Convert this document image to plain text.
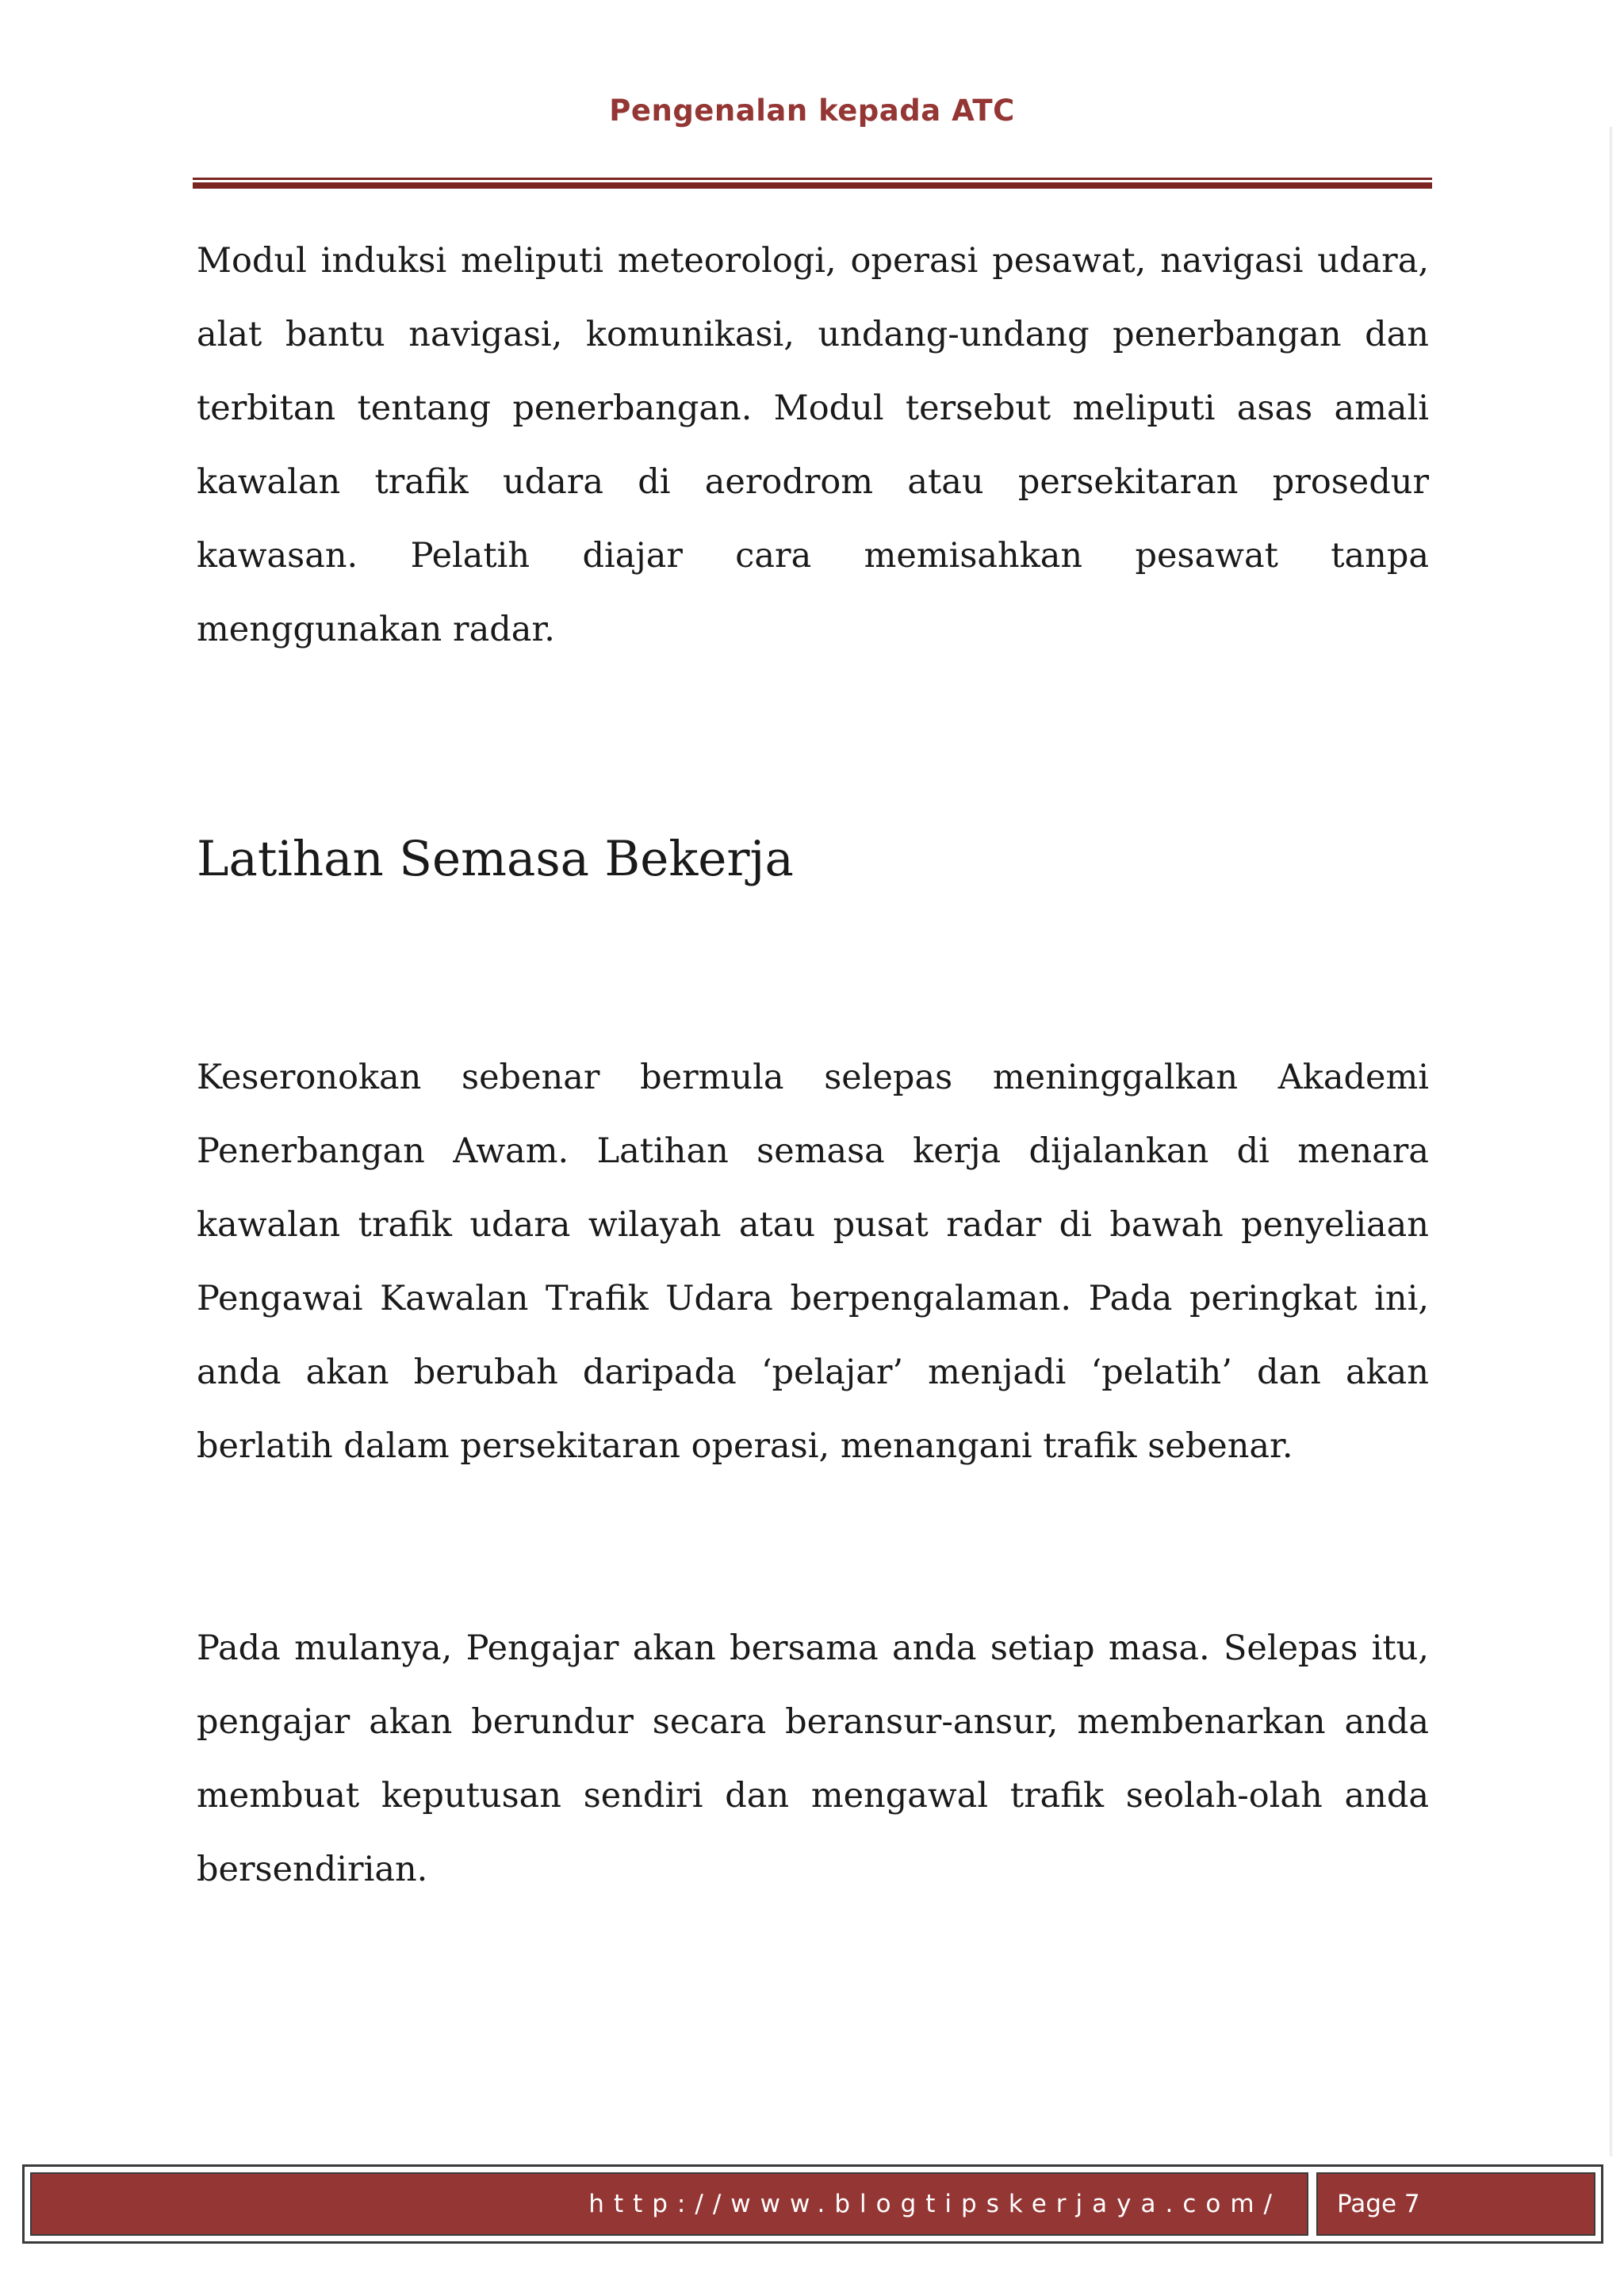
Pengenalan kepada ATC

Modul induksi meliputi meteorologi, operasi pesawat, navigasi udara, alat bantu navigasi, komunikasi, undang-undang penerbangan dan terbitan tentang penerbangan. Modul tersebut meliputi asas amali kawalan trafik udara di aerodrom atau persekitaran prosedur kawasan. Pelatih diajar cara memisahkan pesawat tanpa menggunakan radar.

Latihan Semasa Bekerja

Keseronokan sebenar bermula selepas meninggalkan Akademi Penerbangan Awam. Latihan semasa kerja dijalankan di menara kawalan trafik udara wilayah atau pusat radar di bawah penyeliaan Pengawai Kawalan Trafik Udara berpengalaman. Pada peringkat ini, anda akan berubah daripada ‘pelajar’ menjadi ‘pelatih’ dan akan berlatih dalam persekitaran operasi, menangani trafik sebenar.

Pada mulanya, Pengajar akan bersama anda setiap masa. Selepas itu, pengajar akan berundur secara beransur-ansur, membenarkan anda membuat keputusan sendiri dan mengawal trafik seolah-olah anda bersendirian.

http://www.blogtipskerjaya.com/ Page 7
